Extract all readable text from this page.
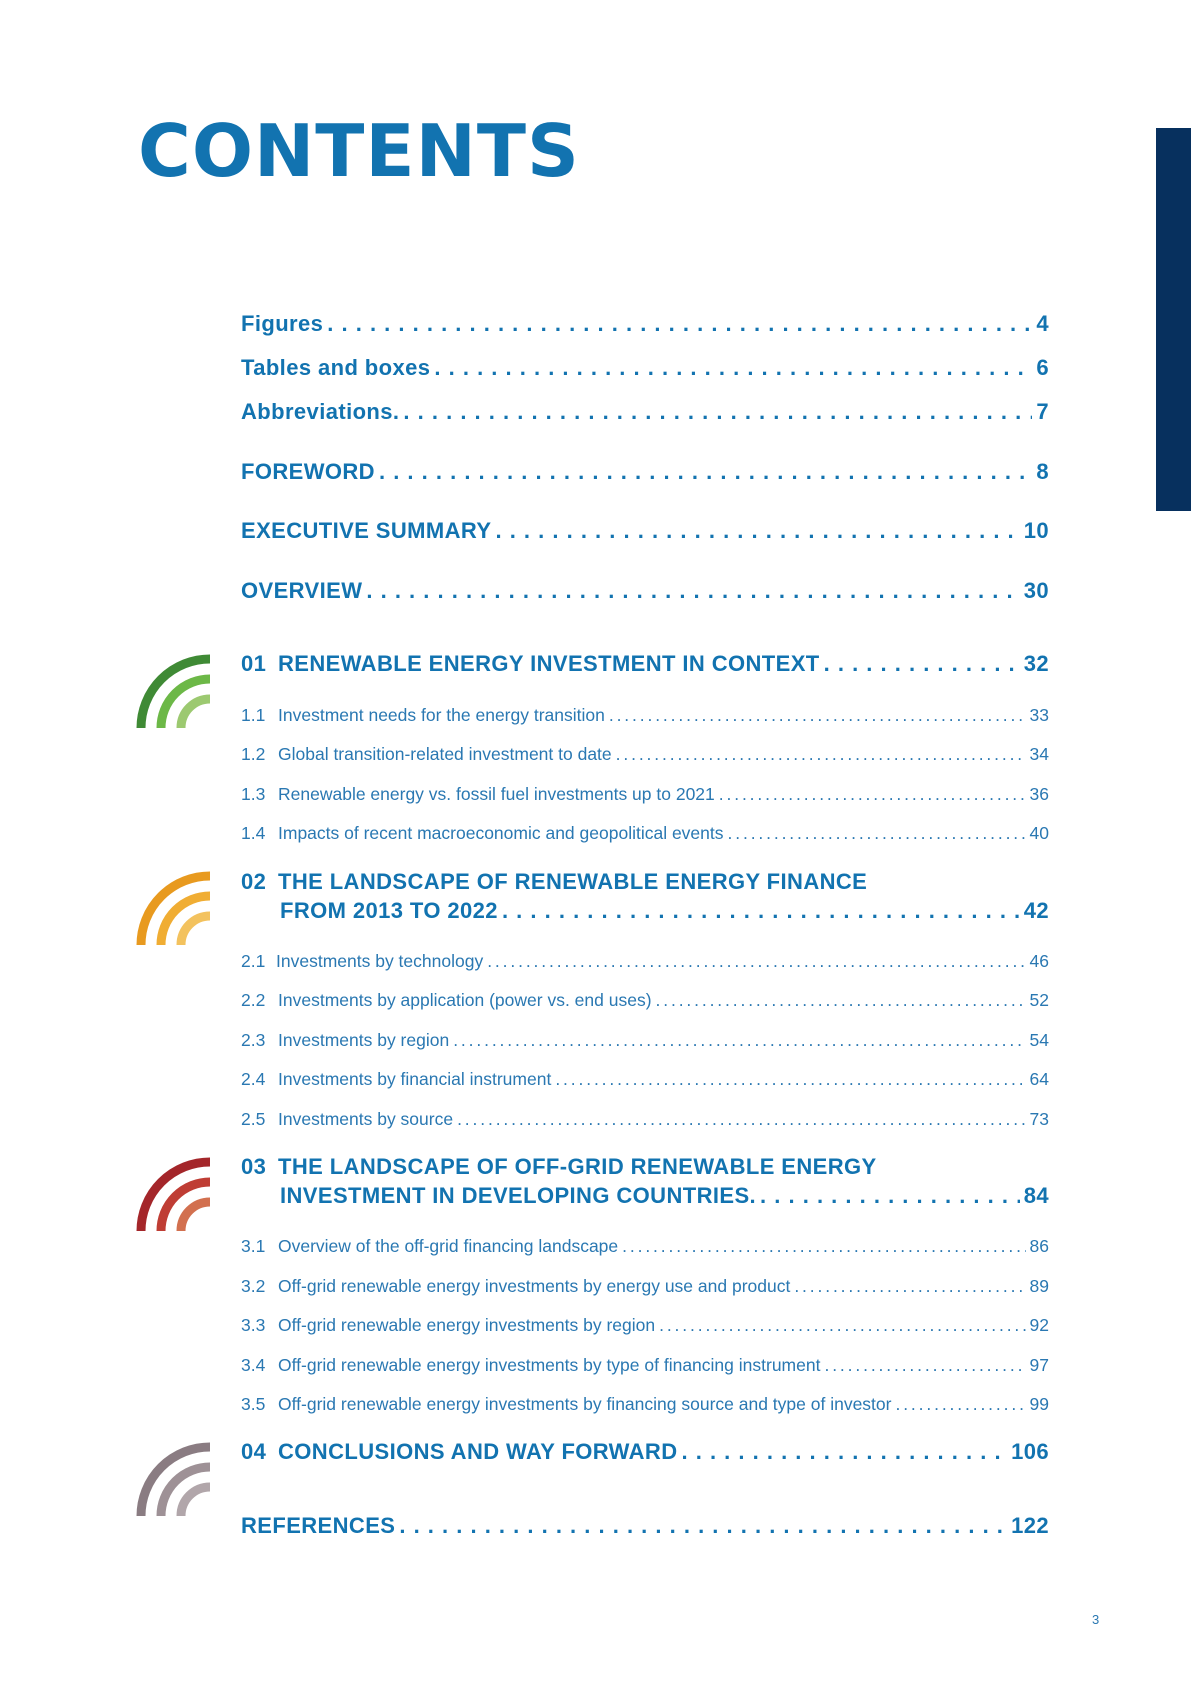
CONTENTS
Figures . . .	4
Tables and boxes . . .	6
Abbreviations. . . .	7
FOREWORD . . .	8
EXECUTIVE SUMMARY . . .	10
OVERVIEW . . .	30
01 RENEWABLE ENERGY INVESTMENT IN CONTEXT . . .	32
1.1 Investment needs for the energy transition . . .	33
1.2 Global transition-related investment to date . . .	34
1.3 Renewable energy vs. fossil fuel investments up to 2021 . . .	36
1.4 Impacts of recent macroeconomic and geopolitical events . . .	40
02 THE LANDSCAPE OF RENEWABLE ENERGY FINANCE
FROM 2013 TO 2022 . . .	42
2.1 Investments by technology . . .	46
2.2 Investments by application (power vs. end uses) . . .	52
2.3 Investments by region . . .	54
2.4 Investments by financial instrument . . .	64
2.5 Investments by source . . .	73
03 THE LANDSCAPE OF OFF-GRID RENEWABLE ENERGY
INVESTMENT IN DEVELOPING COUNTRIES. . . .	84
3.1 Overview of the off-grid financing landscape . . .	86
3.2 Off-grid renewable energy investments by energy use and product . . .	89
3.3 Off-grid renewable energy investments by region . . .	92
3.4 Off-grid renewable energy investments by type of financing instrument . . .	97
3.5 Off-grid renewable energy investments by financing source and type of investor . . .	99
04 CONCLUSIONS AND WAY FORWARD . . .	106
REFERENCES . . .	122
3
